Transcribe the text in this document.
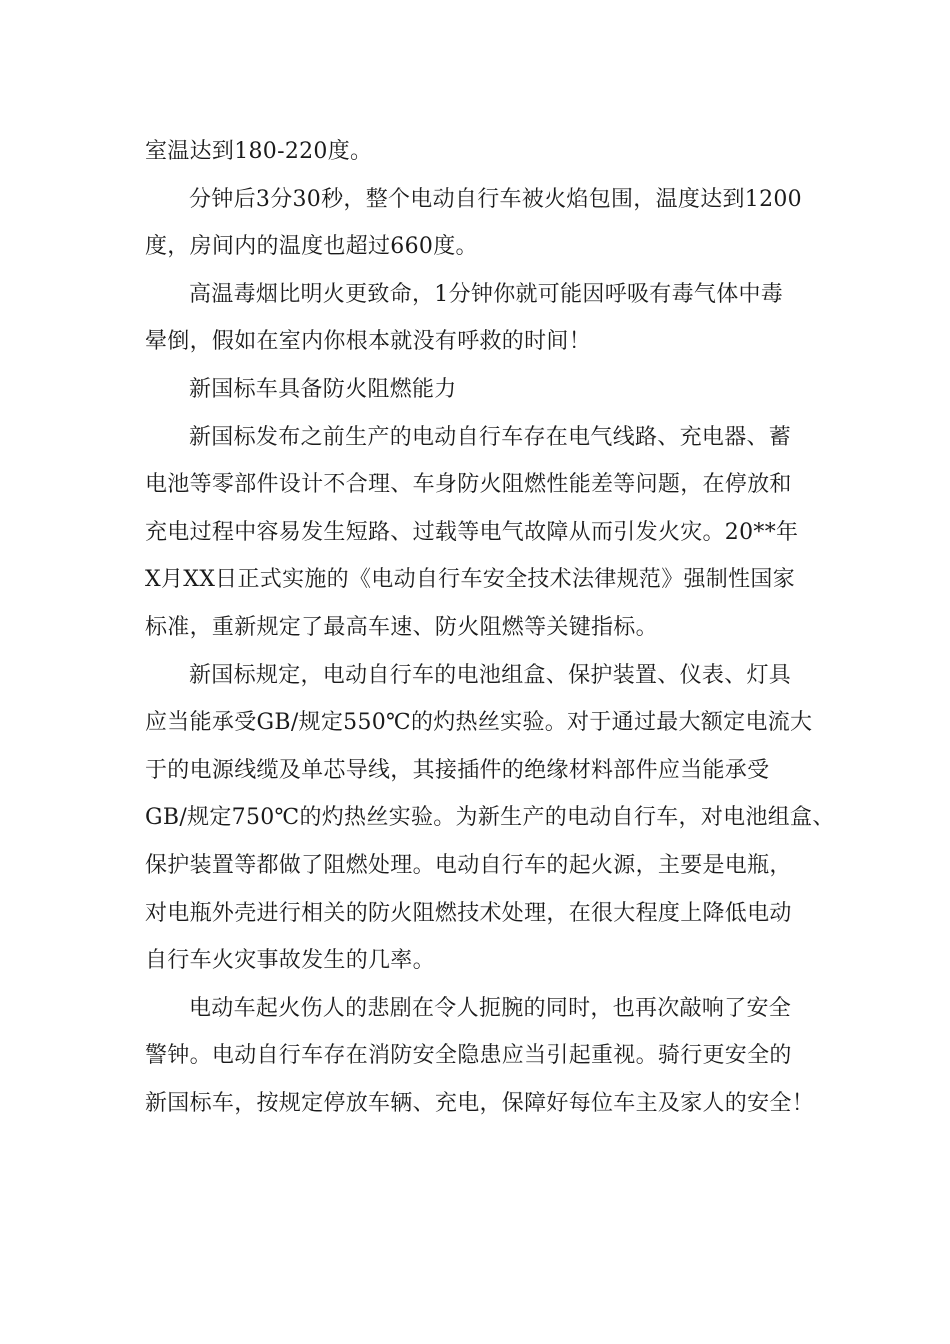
室温达到180-220度。
分钟后3分30秒，整个电动自行车被火焰包围，温度达到1200
度，房间内的温度也超过660度。
高温毒烟比明火更致命，1分钟你就可能因呼吸有毒气体中毒
晕倒，假如在室内你根本就没有呼救的时间！
新国标车具备防火阻燃能力
新国标发布之前生产的电动自行车存在电气线路、充电器、蓄
电池等零部件设计不合理、车身防火阻燃性能差等问题，在停放和
充电过程中容易发生短路、过载等电气故障从而引发火灾。20**年
X月XX日正式实施的《电动自行车安全技术法律规范》强制性国家
标准，重新规定了最高车速、防火阻燃等关键指标。
新国标规定，电动自行车的电池组盒、保护装置、仪表、灯具
应当能承受GB/规定550℃的灼热丝实验。对于通过最大额定电流大
于的电源线缆及单芯导线，其接插件的绝缘材料部件应当能承受
GB/规定750℃的灼热丝实验。为新生产的电动自行车，对电池组盒、
保护装置等都做了阻燃处理。电动自行车的起火源，主要是电瓶，
对电瓶外壳进行相关的防火阻燃技术处理，在很大程度上降低电动
自行车火灾事故发生的几率。
电动车起火伤人的悲剧在令人扼腕的同时，也再次敲响了安全
警钟。电动自行车存在消防安全隐患应当引起重视。骑行更安全的
新国标车，按规定停放车辆、充电，保障好每位车主及家人的安全！
